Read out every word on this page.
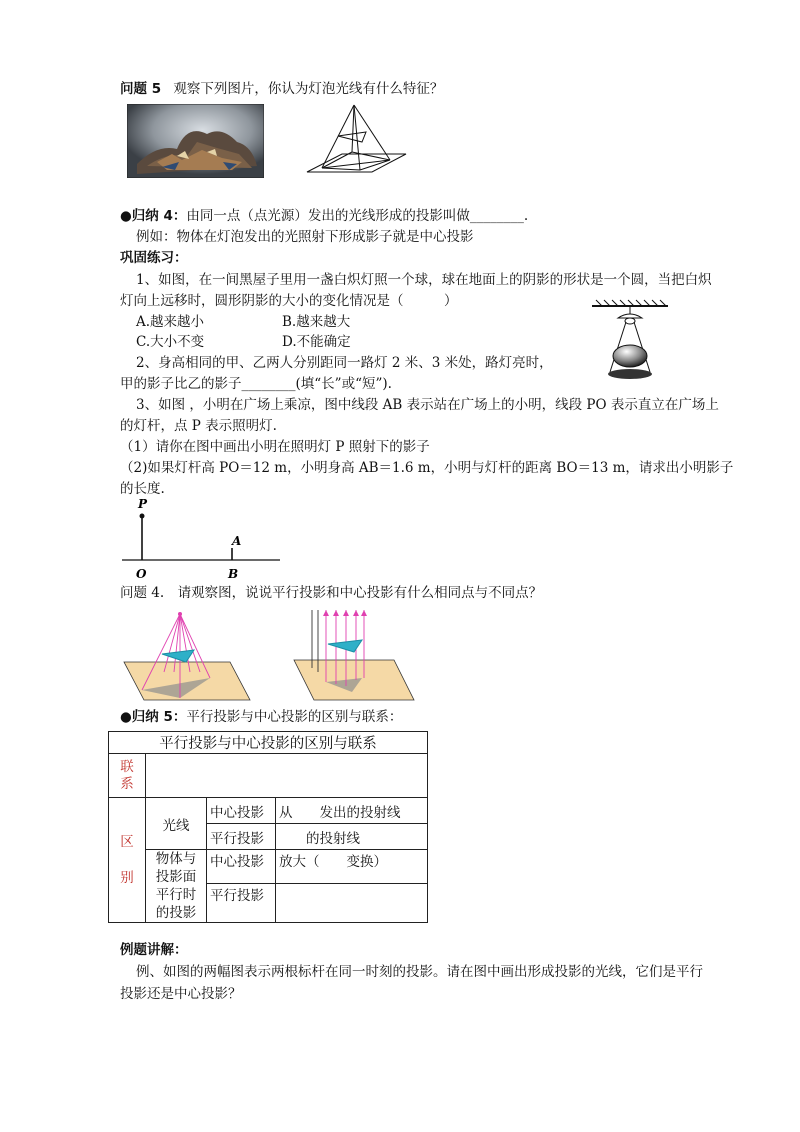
问题 5 观察下列图片，你认为灯泡光线有什么特征？
●归纳 4：由同一点（点光源）发出的光线形成的投影叫做________.
例如：物体在灯泡发出的光照射下形成影子就是中心投影
巩固练习：
1、如图，在一间黑屋子里用一盏白炽灯照一个球，球在地面上的阴影的形状是一个圆，当把白炽
灯向上远移时，圆形阴影的大小的变化情况是（　　　）
A.越来越小	B.越来越大
C.大小不变	D.不能确定
2、身高相同的甲、乙两人分别距同一路灯 2 米、3 米处，路灯亮时，
甲的影子比乙的影子________(填“长”或“短”).
3、如图 ，小明在广场上乘凉，图中线段 AB 表示站在广场上的小明，线段 PO 表示直立在广场上
的灯杆，点 P 表示照明灯.
（1）请你在图中画出小明在照明灯 P 照射下的影子
（2)如果灯杆高 PO＝12 m，小明身高 AB＝1.6 m，小明与灯杆的距离 BO＝13 m，请求出小明影子
的长度.
P
A
O	B
问题 4.　请观察图，说说平行投影和中心投影有什么相同点与不同点？
●归纳 5：平行投影与中心投影的区别与联系：
平行投影与中心投影的区别与联系			
联
系			
区

别	光线	中心投影	从　　发出的投射线
		平行投影	　　的投射线
	物体与
投影面
平行时
的投影	中心投影	放大（　　变换）
		平行投影	
例题讲解：
例、如图的两幅图表示两根标杆在同一时刻的投影。请在图中画出形成投影的光线，它们是平行
投影还是中心投影？
